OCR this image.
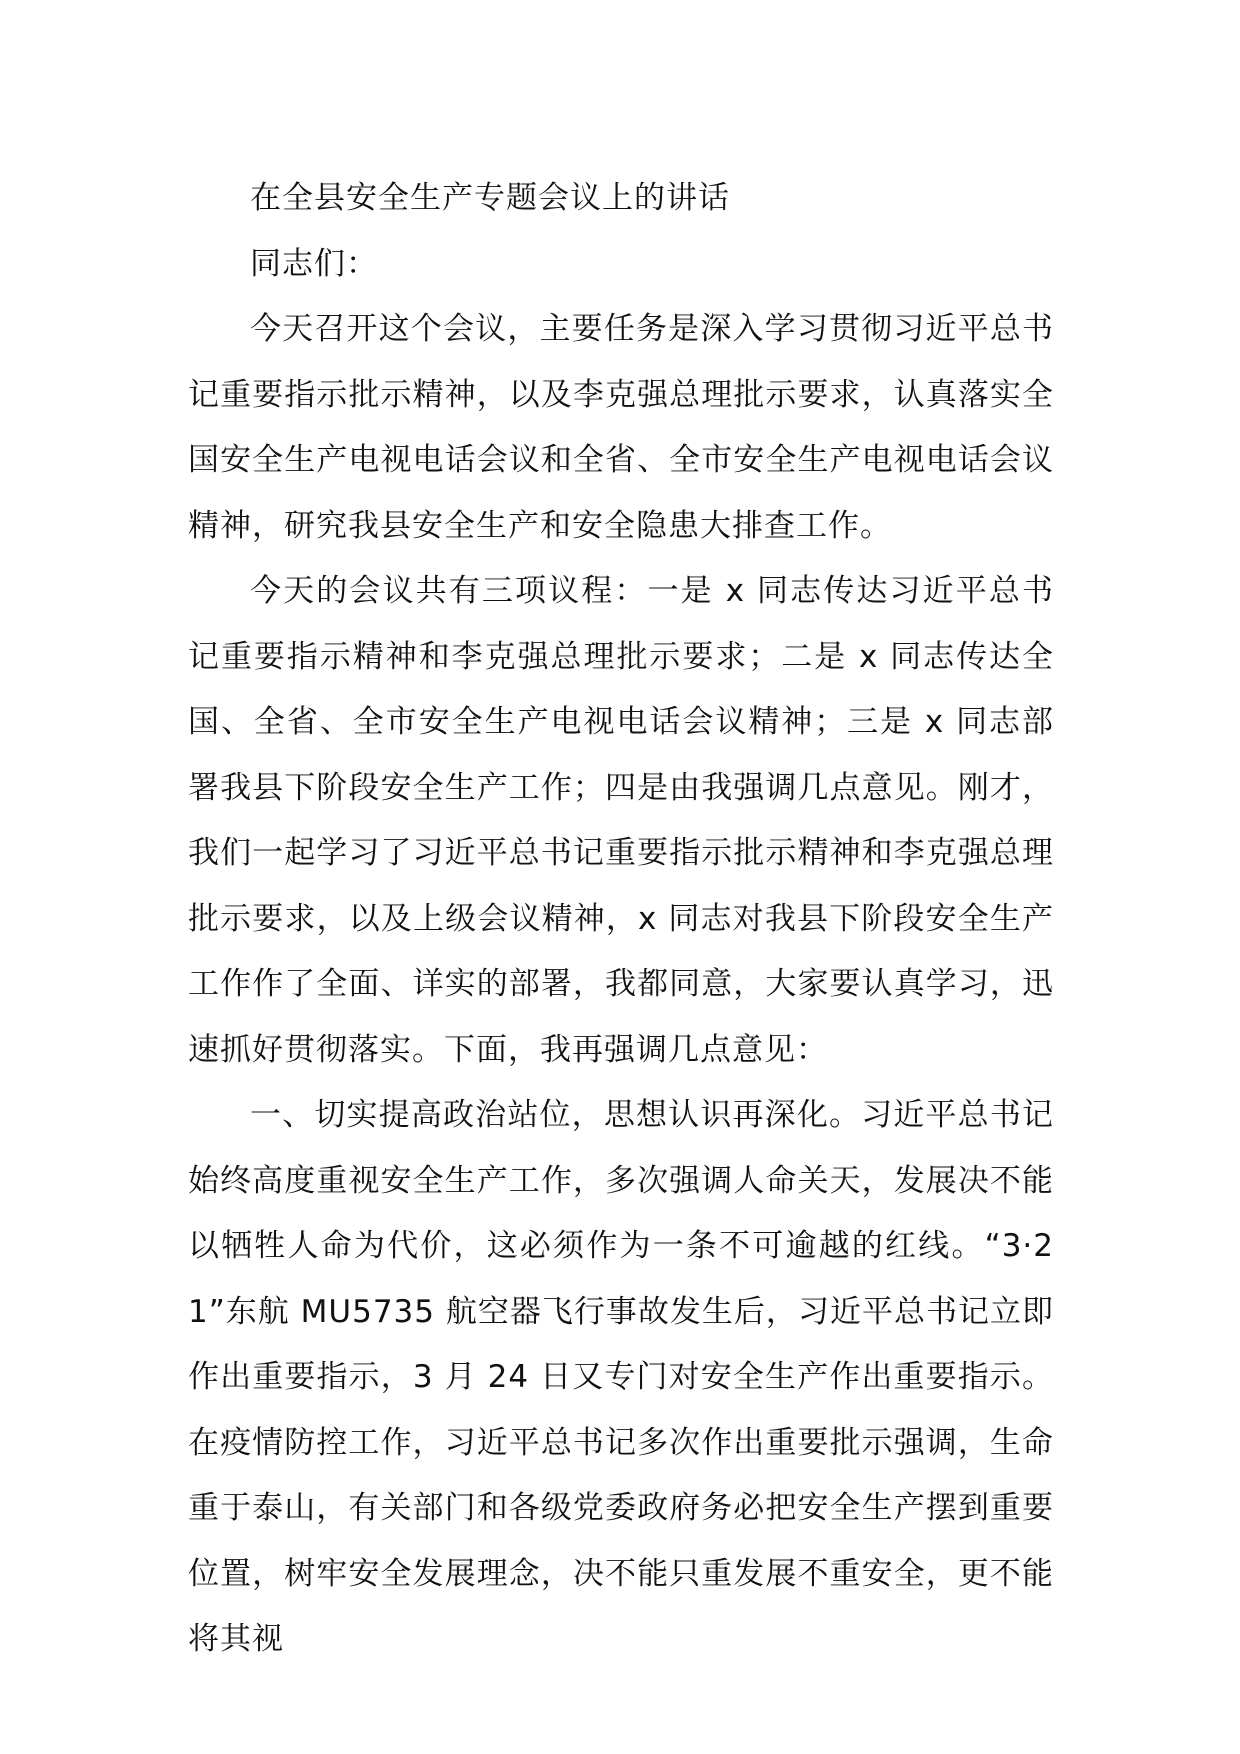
在全县安全生产专题会议上的讲话

同志们：

今天召开这个会议，主要任务是深入学习贯彻习近平总书记重要指示批示精神，以及李克强总理批示要求，认真落实全国安全生产电视电话会议和全省、全市安全生产电视电话会议精神，研究我县安全生产和安全隐患大排查工作。

今天的会议共有三项议程：一是 x 同志传达习近平总书记重要指示精神和李克强总理批示要求；二是 x 同志传达全国、全省、全市安全生产电视电话会议精神；三是 x 同志部署我县下阶段安全生产工作；四是由我强调几点意见。刚才，我们一起学习了习近平总书记重要指示批示精神和李克强总理批示要求，以及上级会议精神，x 同志对我县下阶段安全生产工作作了全面、详实的部署，我都同意，大家要认真学习，迅速抓好贯彻落实。下面，我再强调几点意见：

一、切实提高政治站位，思想认识再深化。习近平总书记始终高度重视安全生产工作，多次强调人命关天，发展决不能以牺牲人命为代价，这必须作为一条不可逾越的红线。“3·21”东航 MU5735 航空器飞行事故发生后，习近平总书记立即作出重要指示，3 月 24 日又专门对安全生产作出重要指示。在疫情防控工作，习近平总书记多次作出重要批示强调，生命重于泰山，有关部门和各级党委政府务必把安全生产摆到重要位置，树牢安全发展理念，决不能只重发展不重安全，更不能将其视
